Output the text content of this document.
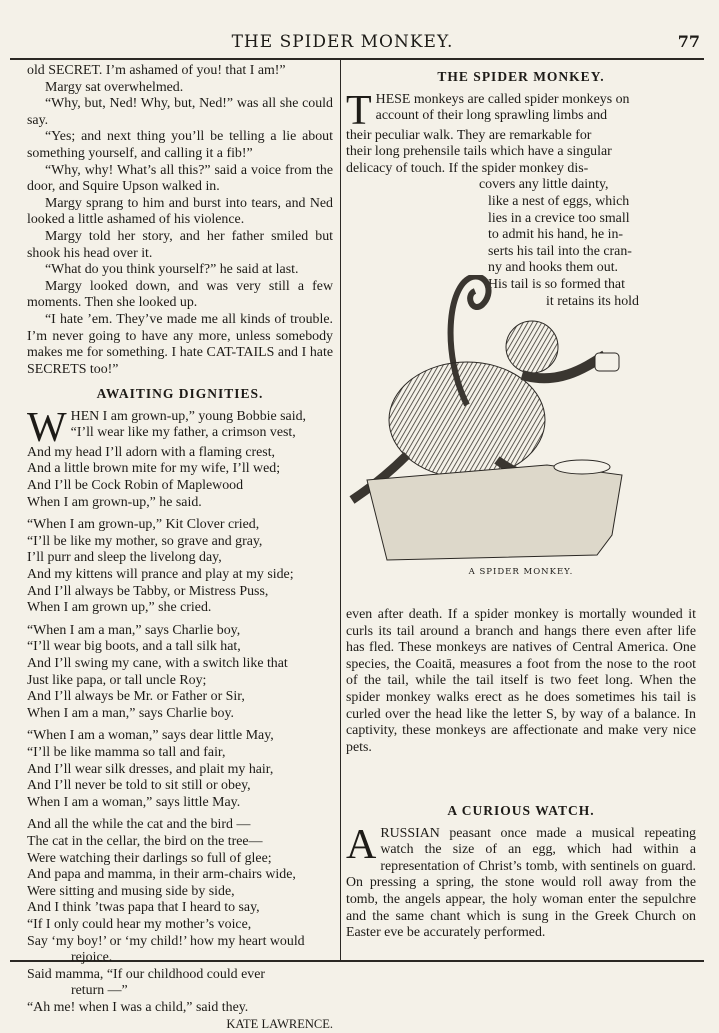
THE SPIDER MONKEY.	77

old SECRET. I’m ashamed of you! that I am!”

Margy sat overwhelmed.

“Why, but, Ned! Why, but, Ned!” was all she could say.

“Yes; and next thing you’ll be telling a lie about something yourself, and calling it a fib!”

“Why, why! What’s all this?” said a voice from the door, and Squire Upson walked in.

Margy sprang to him and burst into tears, and Ned looked a little ashamed of his violence.

Margy told her story, and her father smiled but shook his head over it.

“What do you think yourself?” he said at last.

Margy looked down, and was very still a few moments. Then she looked up.

“I hate ’em. They’ve made me all kinds of trouble. I’m never going to have any more, unless somebody makes me for something. I hate CAT-TAILS and I hate SECRETS too!”

AWAITING DIGNITIES.
W HEN I am grown-up,” young Bobbie said,
“I’ll wear like my father, a crimson vest,
And my head I’ll adorn with a flaming crest,
And a little brown mite for my wife, I’ll wed;
And I’ll be Cock Robin of Maplewood
When I am grown-up,” he said.
“When I am grown-up,” Kit Clover cried,
“I’ll be like my mother, so grave and gray,
I’ll purr and sleep the livelong day,
And my kittens will prance and play at my side;
And I’ll always be Tabby, or Mistress Puss,
When I am grown up,” she cried.
“When I am a man,” says Charlie boy,
“I’ll wear big boots, and a tall silk hat,
And I’ll swing my cane, with a switch like that
Just like papa, or tall uncle Roy;
And I’ll always be Mr. or Father or Sir,
When I am a man,” says Charlie boy.
“When I am a woman,” says dear little May,
“I’ll be like mamma so tall and fair,
And I’ll wear silk dresses, and plait my hair,
And I’ll never be told to sit still or obey,
When I am a woman,” says little May.
And all the while the cat and the bird —
The cat in the cellar, the bird on the tree—
Were watching their darlings so full of glee;
And papa and mamma, in their arm-chairs wide,
Were sitting and musing side by side,
And I think ’twas papa that I heard to say,
“If I only could hear my mother’s voice,
Say ‘my boy!’ or ‘my child!’ how my heart would
rejoice.
Said mamma, “If our childhood could ever
return —”
“Ah me! when I was a child,” said they.
KATE LAWRENCE.
THE SPIDER MONKEY.
T HESE monkeys are called spider monkeys on
account of their long sprawling limbs and
their peculiar walk. They are remarkable for
their long prehensile tails which have a singular
delicacy of touch. If the spider monkey dis-
covers any little dainty,
like a nest of eggs, which
lies in a crevice too small
to admit his hand, he in-
serts his tail into the cran-
ny and hooks them out.
His tail is so formed that
it retains its hold
A SPIDER MONKEY.
even after death. If a spider monkey is mortally wounded it curls its tail around a branch and hangs there even after life has fled. These monkeys are natives of Central America. One species, the Coaitā, measures a foot from the nose to the root of the tail, while the tail itself is two feet long. When the spider monkey walks erect as he does sometimes his tail is curled over the head like the letter S, by way of a balance. In captivity, these monkeys are affectionate and make very nice pets.
A CURIOUS WATCH.

ARUSSIAN peasant once made a musical repeating watch the size of an egg, which had within a representation of Christ’s tomb, with sentinels on guard. On pressing a spring, the stone would roll away from the tomb, the angels appear, the holy woman enter the sepulchre and the same chant which is sung in the Greek Church on Easter eve be accurately performed.
